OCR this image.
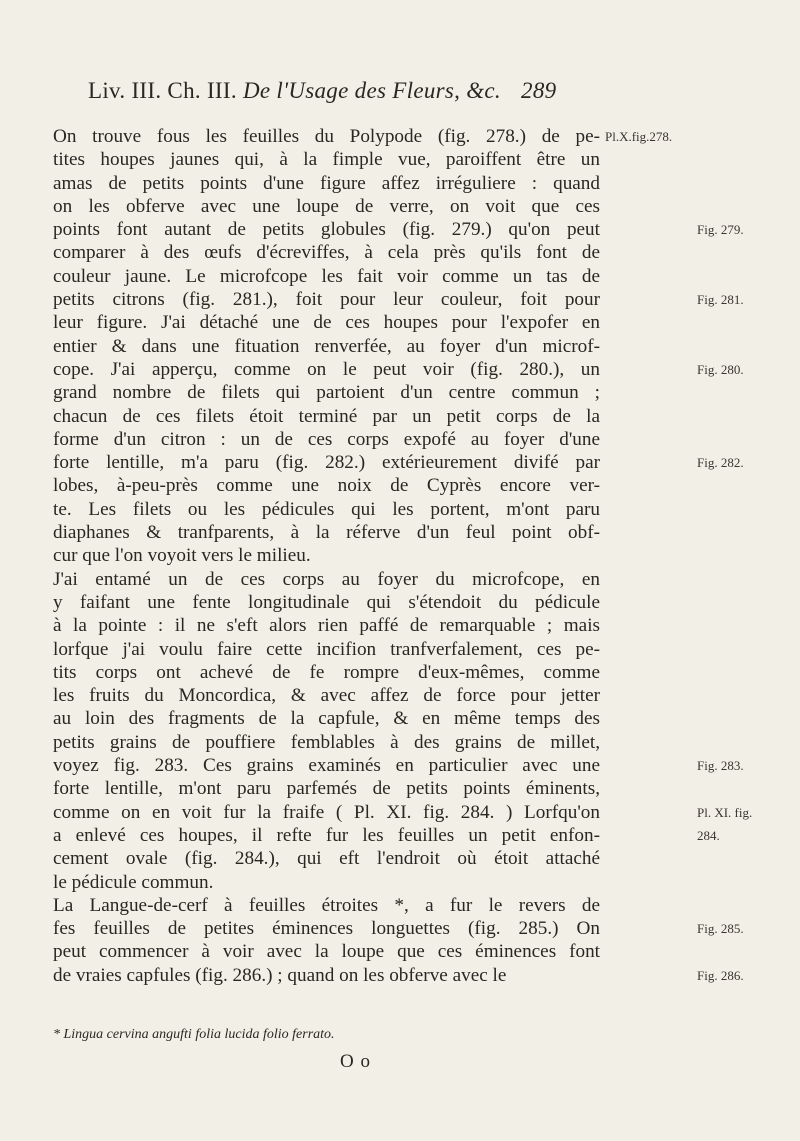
Liv. III. Ch. III. De l'Usage des Fleurs, &c. 289
On trouve fous les feuilles du Polypode (fig. 278.) de pe-
tites houpes jaunes qui, à la fimple vue, paroiffent être un
amas de petits points d'une figure affez irréguliere : quand
on les obferve avec une loupe de verre, on voit que ces
points font autant de petits globules (fig. 279.) qu'on peut
comparer à des œufs d'écreviffes, à cela près qu'ils font de
couleur jaune. Le microfcope les fait voir comme un tas de
petits citrons (fig. 281.), foit pour leur couleur, foit pour
leur figure. J'ai détaché une de ces houpes pour l'expofer en
entier & dans une fituation renverfée, au foyer d'un microf-
cope. J'ai apperçu, comme on le peut voir (fig. 280.), un
grand nombre de filets qui partoient d'un centre commun ;
chacun de ces filets étoit terminé par un petit corps de la
forme d'un citron : un de ces corps expofé au foyer d'une
forte lentille, m'a paru (fig. 282.) extérieurement divifé par
lobes, à-peu-près comme une noix de Cyprès encore ver-
te. Les filets ou les pédicules qui les portent, m'ont paru
diaphanes & tranfparents, à la réferve d'un feul point obf-
cur que l'on voyoit vers le milieu.
J'ai entamé un de ces corps au foyer du microfcope, en
y faifant une fente longitudinale qui s'étendoit du pédicule
à la pointe : il ne s'eft alors rien paffé de remarquable ; mais
lorfque j'ai voulu faire cette incifion tranfverfalement, ces pe-
tits corps ont achevé de fe rompre d'eux-mêmes, comme
les fruits du Moncordica, & avec affez de force pour jetter
au loin des fragments de la capfule, & en même temps des
petits grains de pouffiere femblables à des grains de millet,
voyez fig. 283. Ces grains examinés en particulier avec une
forte lentille, m'ont paru parfemés de petits points éminents,
comme on en voit fur la fraife ( Pl. XI. fig. 284. ) Lorfqu'on
a enlevé ces houpes, il refte fur les feuilles un petit enfon-
cement ovale (fig. 284.), qui eft l'endroit où étoit attaché
le pédicule commun.
La Langue-de-cerf à feuilles étroites *, a fur le revers de
fes feuilles de petites éminences longuettes (fig. 285.) On
peut commencer à voir avec la loupe que ces éminences font
de vraies capfules (fig. 286.) ; quand on les obferve avec le
Pl.X.fig.278.
Fig. 279.
Fig. 281.
Fig. 280.
Fig. 282.
Fig. 283.
Pl. XI. fig.
284.
Fig. 285.
Fig. 286.
* Lingua cervina angufti folia lucida folio ferrato.
O o
